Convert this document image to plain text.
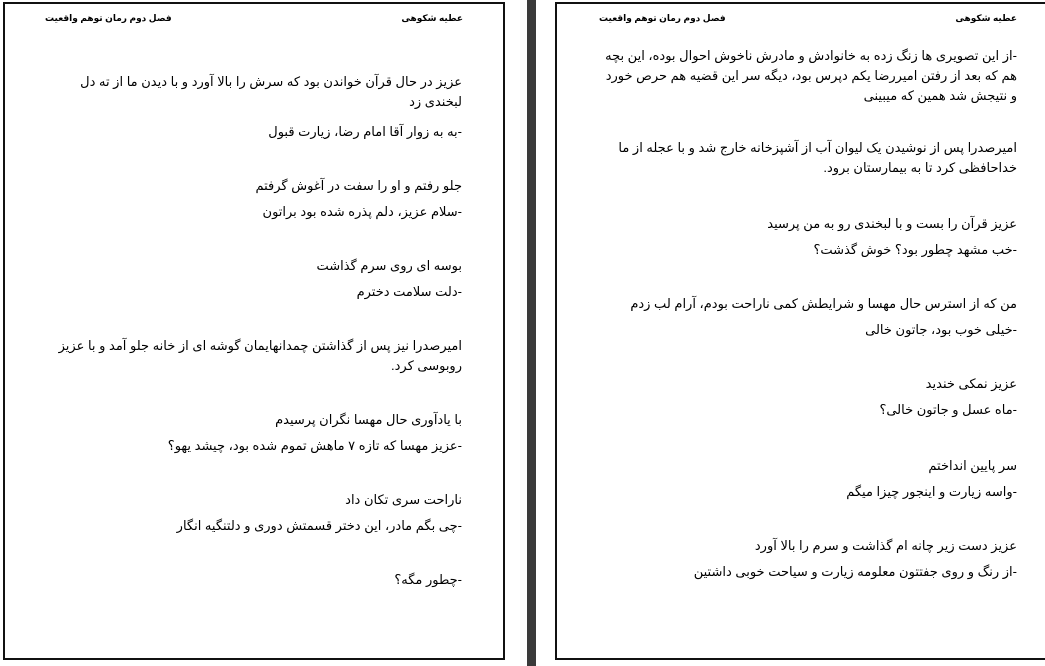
عطیه شکوهی
فصل دوم رمان توهم واقعیت

عزیز در حال قرآن خواندن بود که سرش را بالا آورد و با دیدن ما از ته دل لبخندی زد

-به به زوار آقا امام رضا، زیارت قبول

جلو رفتم و او را سفت در آغوش گرفتم

-سلام عزیز، دلم پذره شده بود براتون

بوسه ای روی سرم گذاشت

-دلت سلامت دخترم

امیرصدرا نیز پس از گذاشتن چمدانهایمان گوشه ای از خانه جلو آمد و با عزیز روبوسی کرد.

با یادآوری حال مهسا نگران پرسیدم

-عزیز مهسا که تازه ۷ ماهش تموم شده بود، چیشد یهو؟

ناراحت سری تکان داد

-چی بگم مادر، این دختر قسمتش دوری و دلتنگیه انگار

-چطور مگه؟

عطیه شکوهی
فصل دوم رمان توهم واقعیت

-از این تصویری ها زنگ زده به خانوادش و مادرش ناخوش احوال بوده، این بچه هم که بعد از رفتن امیررضا یکم دپرس بود، دیگه سر این قضیه هم حرص خورد و نتیجش شد همین که میبینی

امیرصدرا پس از نوشیدن یک لیوان آب از آشپزخانه خارج شد و با عجله از ما خداحافظی کرد تا به بیمارستان برود.

عزیز قرآن را بست و با لبخندی رو به من پرسید

-خب مشهد چطور بود؟ خوش گذشت؟

من که از استرس حال مهسا و شرایطش کمی ناراحت بودم، آرام لب زدم

-خیلی خوب بود، جاتون خالی

عزیز نمکی خندید

-ماه عسل و جاتون خالی؟

سر پایین انداختم

-واسه زیارت و اینجور چیزا میگم

عزیز دست زیر چانه ام گذاشت و سرم را بالا آورد

-از رنگ و روی جفتتون معلومه زیارت و سیاحت خوبی داشتین
